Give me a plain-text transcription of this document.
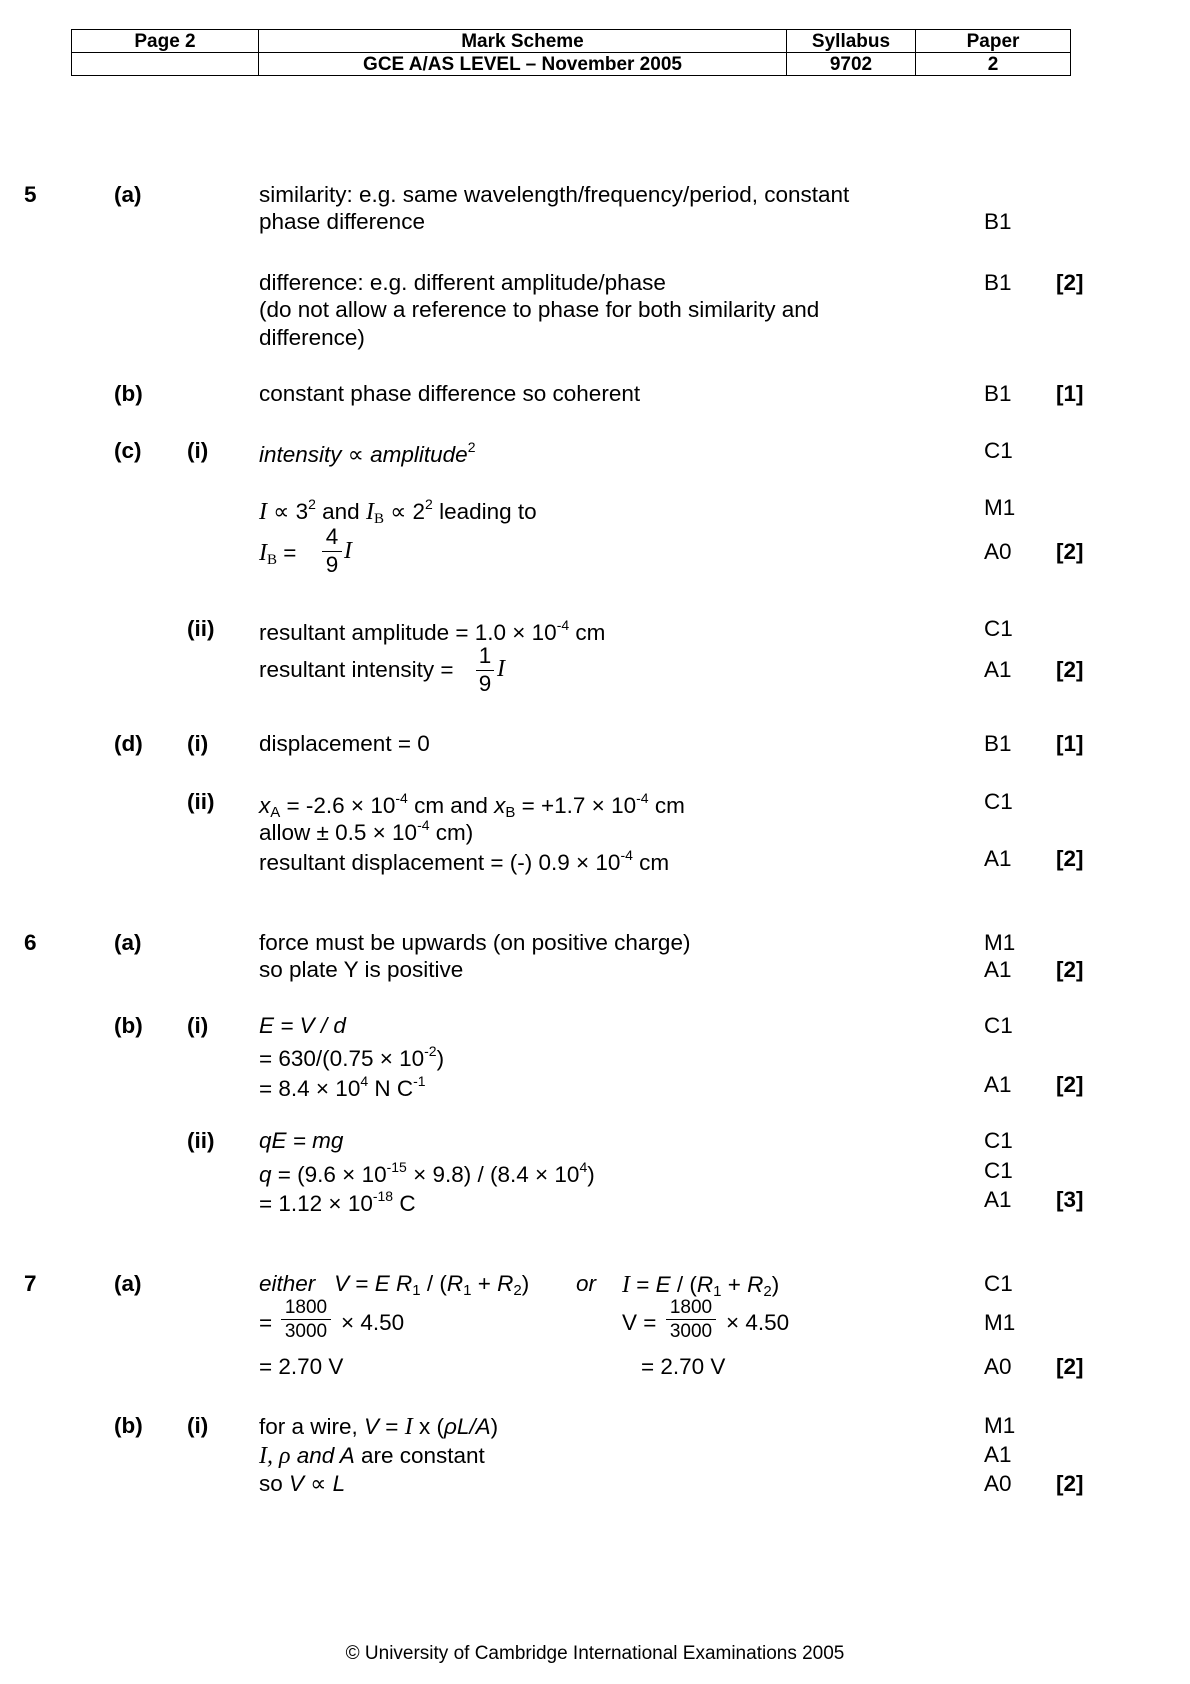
Page 2	Mark Scheme	Syllabus	Paper
	GCE A/AS LEVEL – November 2005	9702	2
5	(a)	similarity: e.g. same wavelength/frequency/period, constant
phase difference	B1
difference: e.g. different amplitude/phase	B1 [2]
(do not allow a reference to phase for both similarity and
difference)
(b)	constant phase difference so coherent	B1 [1]
(c) (i) intensity ∝ amplitude$^2$	C1
$I \propto 3^2$ and $I_B \propto 2^2$ leading to	M1
$I_B$ =
4
9 I	A0 [2]
(ii) resultant amplitude = $1.0 \times 10^{-4}$ cm	C1
resultant intensity =
1
9
I	A1 [2]
(d) (i) displacement = 0	B1 [1]
(ii) $x_A = -2.6 \times 10^{-4}$ cm and $x_B = +1.7 \times 10^{-4}$ cm	C1
allow ± $0.5 \times 10^{-4}$ cm)
resultant displacement = (-) $0.9 \times 10^{-4}$ cm	A1 [2]
6	(a)	force must be upwards (on positive charge)	M1
so plate Y is positive	A1 [2]
(b) (i) E = V / d	C1
= $630/(0.75 \times 10^{-2})$
= $8.4 \times 10^4$ N $C^{-1}$	A1 [2]
(ii) qE = mg	C1
$q = (9.6 \times 10^{-15} \times 9.8) / (8.4 \times 10^4)$	C1
= $1.12 \times 10^{-18}$ C	A1 [3]
7	(a)	either V = E $R_1 / (R_1 + R_2)$ or $I = E / (R_1 + R_2)$	C1
=
1800
3000 × 4.50	V =
1800
3000 × 4.50	M1
= 2.70 V	= 2.70 V	A0 [2]
(b) (i) for a wire, V = I x (ρL/A)	M1
I, ρ and A are constant	A1
so V ∝ L	A0 [2]
© University of Cambridge International Examinations 2005
